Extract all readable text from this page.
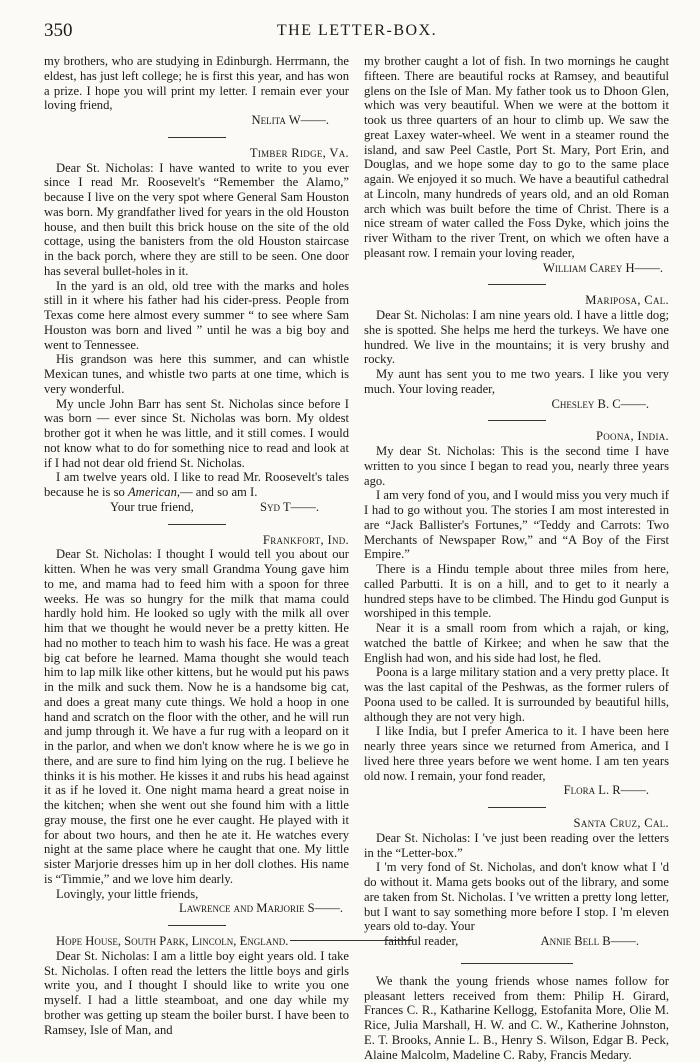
350	THE LETTER-BOX.

my brothers, who are studying in Edinburgh. Herrmann, the eldest, has just left college; he is first this year, and has won a prize. I hope you will print my letter. I remain ever your loving friend,

Nelita W——.
Timber Ridge, Va.

Dear St. Nicholas: I have wanted to write to you ever since I read Mr. Roosevelt's “Remember the Alamo,” because I live on the very spot where General Sam Houston was born. My grandfather lived for years in the old Houston house, and then built this brick house on the site of the old cottage, using the banisters from the old Houston staircase in the back porch, where they are still to be seen. One door has several bullet-holes in it.

In the yard is an old, old tree with the marks and holes still in it where his father had his cider-press. People from Texas come here almost every summer “ to see where Sam Houston was born and lived ” until he was a big boy and went to Tennessee.

His grandson was here this summer, and can whistle Mexican tunes, and whistle two parts at one time, which is very wonderful.

My uncle John Barr has sent St. Nicholas since before I was born — ever since St. Nicholas was born. My oldest brother got it when he was little, and it still comes. I would not know what to do for something nice to read and look at if I had not dear old friend St. Nicholas.

I am twelve years old. I like to read Mr. Roosevelt's tales because he is so American,— and so am I.

Your true friend,	Syd T——.
Frankfort, Ind.

Dear St. Nicholas: I thought I would tell you about our kitten. When he was very small Grandma Young gave him to me, and mama had to feed him with a spoon for three weeks. He was so hungry for the milk that mama could hardly hold him. He looked so ugly with the milk all over him that we thought he would never be a pretty kitten. He had no mother to teach him to wash his face. He was a great big cat before he learned. Mama thought she would teach him to lap milk like other kittens, but he would put his paws in the milk and suck them. Now he is a handsome big cat, and does a great many cute things. We hold a hoop in one hand and scratch on the floor with the other, and he will run and jump through it. We have a fur rug with a leopard on it in the parlor, and when we don't know where he is we go in there, and are sure to find him lying on the rug. I believe he thinks it is his mother. He kisses it and rubs his head against it as if he loved it. One night mama heard a great noise in the kitchen; when she went out she found him with a little gray mouse, the first one he ever caught. He played with it for about two hours, and then he ate it. He watches every night at the same place where he caught that one. My little sister Marjorie dresses him up in her doll clothes. His name is “Timmie,” and we love him dearly.

Lovingly, your little friends,

Lawrence and Marjorie S——.

Hope House, South Park, Lincoln, England.

Dear St. Nicholas: I am a little boy eight years old. I take St. Nicholas. I often read the letters the little boys and girls write you, and I thought I should like to write you one myself. I had a little steamboat, and one day while my brother was getting up steam the boiler burst. I have been to Ramsey, Isle of Man, and

my brother caught a lot of fish. In two mornings he caught fifteen. There are beautiful rocks at Ramsey, and beautiful glens on the Isle of Man. My father took us to Dhoon Glen, which was very beautiful. When we were at the bottom it took us three quarters of an hour to climb up. We saw the great Laxey water-wheel. We went in a steamer round the island, and saw Peel Castle, Port St. Mary, Port Erin, and Douglas, and we hope some day to go to the same place again. We enjoyed it so much. We have a beautiful cathedral at Lincoln, many hundreds of years old, and an old Roman arch which was built before the time of Christ. There is a nice stream of water called the Foss Dyke, which joins the river Witham to the river Trent, on which we often have a pleasant row. I remain your loving reader,

William Carey H——.
Mariposa, Cal.

Dear St. Nicholas: I am nine years old. I have a little dog; she is spotted. She helps me herd the turkeys. We have one hundred. We live in the mountains; it is very brushy and rocky.

My aunt has sent you to me two years. I like you very much. Your loving reader,

Chesley B. C——.
Poona, India.

My dear St. Nicholas: This is the second time I have written to you since I began to read you, nearly three years ago.

I am very fond of you, and I would miss you very much if I had to go without you. The stories I am most interested in are “Jack Ballister's Fortunes,” “Teddy and Carrots: Two Merchants of Newspaper Row,” and “A Boy of the First Empire.”

There is a Hindu temple about three miles from here, called Parbutti. It is on a hill, and to get to it nearly a hundred steps have to be climbed. The Hindu god Gunput is worshiped in this temple.

Near it is a small room from which a rajah, or king, watched the battle of Kirkee; and when he saw that the English had won, and his side had lost, he fled.

Poona is a large military station and a very pretty place. It was the last capital of the Peshwas, as the former rulers of Poona used to be called. It is surrounded by beautiful hills, although they are not very high.

I like India, but I prefer America to it. I have been here nearly three years since we returned from America, and I lived here three years before we went home. I am ten years old now. I remain, your fond reader,

Flora L. R——.
Santa Cruz, Cal.

Dear St. Nicholas: I 've just been reading over the letters in the “Letter-box.”

I 'm very fond of St. Nicholas, and don't know what I 'd do without it. Mama gets books out of the library, and some are taken from St. Nicholas. I 've written a pretty long letter, but I want to say something more before I stop. I 'm eleven years old to-day. Your

faithful reader,	Annie Bell B——.

We thank the young friends whose names follow for pleasant letters received from them: Philip H. Girard, Frances C. R., Katharine Kellogg, Estofanita More, Olie M. Rice, Julia Marshall, H. W. and C. W., Katherine Johnston, E. T. Brooks, Annie L. B., Henry S. Wilson, Edgar B. Peck, Alaine Malcolm, Madeline C. Raby, Francis Medary.
